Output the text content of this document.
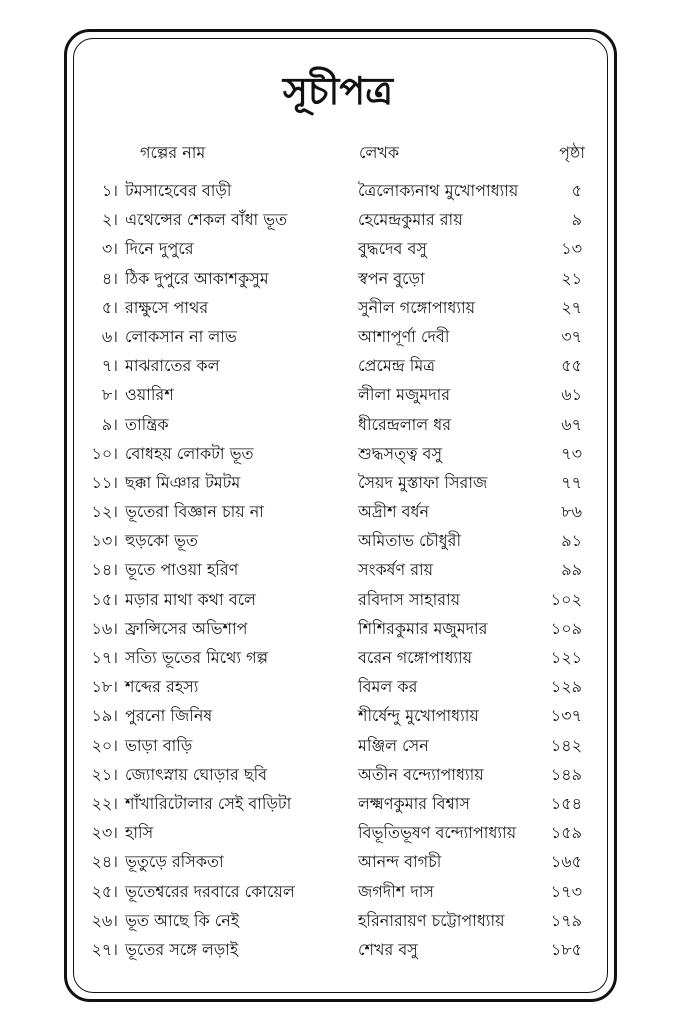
সূচীপত্র
গল্পের নাম	লেখক	পৃষ্ঠা
১। টমসাহেবের বাড়ী	ত্রৈলোক্যনাথ মুখোপাধ্যায়	৫
২। এথেন্সের শেকল বাঁধা ভূত	হেমেন্দ্রকুমার রায়	৯
৩। দিনে দুপুরে	বুদ্ধদেব বসু	১৩
৪। ঠিক দুপুরে আকাশকুসুম	স্বপন বুড়ো	২১
৫। রাক্ষুসে পাথর	সুনীল গঙ্গোপাধ্যায়	২৭
৬। লোকসান না লাভ	আশাপূর্ণা দেবী	৩৭
৭। মাঝরাতের কল	প্রেমেন্দ্র মিত্র	৫৫
৮। ওয়ারিশ	লীলা মজুমদার	৬১
৯। তান্ত্রিক	ধীরেন্দ্রলাল ধর	৬৭
১০। বোধহয় লোকটা ভূত	শুদ্ধসত্ত্ব বসু	৭৩
১১। ছক্কা মিঞার টমটম	সৈয়দ মুস্তাফা সিরাজ	৭৭
১২। ভূতেরা বিজ্ঞান চায় না	অদ্রীশ বর্ধন	৮৬
১৩। হুড়কো ভূত	অমিতাভ চৌধুরী	৯১
১৪। ভূতে পাওয়া হরিণ	সংকর্ষণ রায়	৯৯
১৫। মড়ার মাথা কথা বলে	রবিদাস সাহারায়	১০২
১৬। ফ্রান্সিসের অভিশাপ	শিশিরকুমার মজুমদার	১০৯
১৭। সত্যি ভূতের মিথ্যে গল্প	বরেন গঙ্গোপাধ্যায়	১২১
১৮। শব্দের রহস্য	বিমল কর	১২৯
১৯। পুরনো জিনিষ	শীর্ষেন্দু মুখোপাধ্যায়	১৩৭
২০। ভাড়া বাড়ি	মঞ্জিল সেন	১৪২
২১। জ্যোৎস্নায় ঘোড়ার ছবি	অতীন বন্দ্যোপাধ্যায়	১৪৯
২২। শাঁখারিটোলার সেই বাড়িটা	লক্ষ্মণকুমার বিশ্বাস	১৫৪
২৩। হাসি	বিভূতিভূষণ বন্দ্যোপাধ্যায় ১৫৯
২৪। ভূতুড়ে রসিকতা	আনন্দ বাগচী	১৬৫
২৫। ভূতেশ্বরের দরবারে কোয়েল	জগদীশ দাস	১৭৩
২৬। ভূত আছে কি নেই	হরিনারায়ণ চট্টোপাধ্যায়	১৭৯
২৭। ভূতের সঙ্গে লড়াই	শেখর বসু	১৮৫
